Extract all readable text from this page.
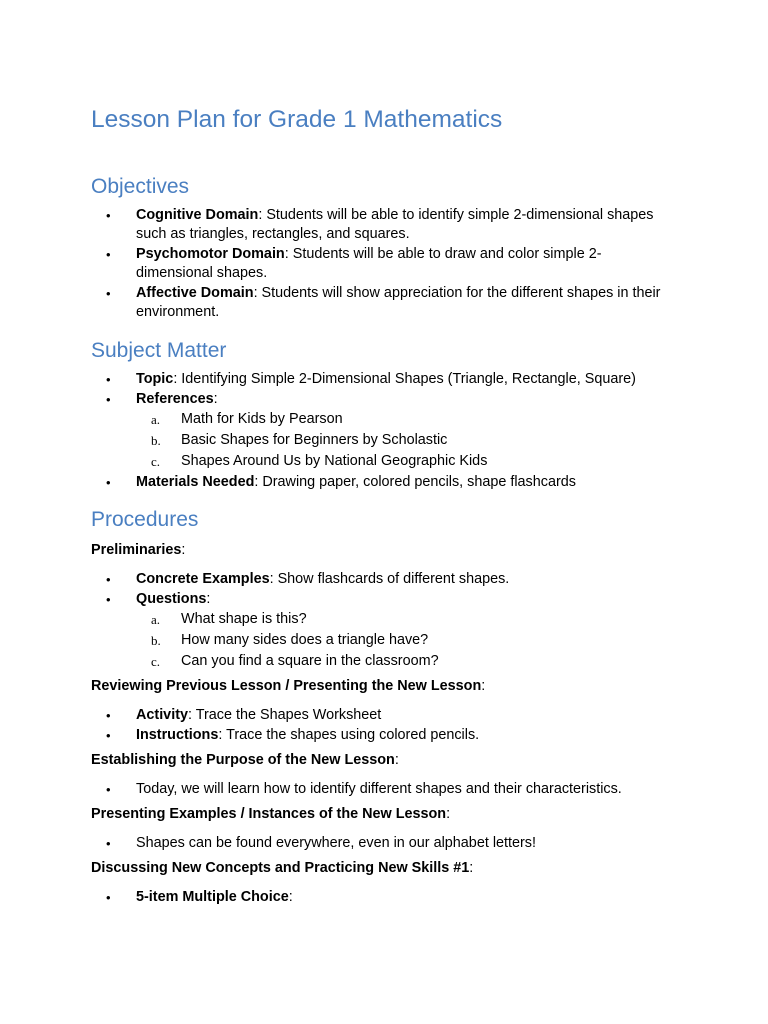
Lesson Plan for Grade 1 Mathematics
Objectives
• Cognitive Domain: Students will be able to identify simple 2-dimensional shapes such as triangles, rectangles, and squares.
• Psychomotor Domain: Students will be able to draw and color simple 2-dimensional shapes.
• Affective Domain: Students will show appreciation for the different shapes in their environment.
Subject Matter
• Topic: Identifying Simple 2-Dimensional Shapes (Triangle, Rectangle, Square)
• References:
a. Math for Kids by Pearson
b. Basic Shapes for Beginners by Scholastic
c. Shapes Around Us by National Geographic Kids
• Materials Needed: Drawing paper, colored pencils, shape flashcards
Procedures

Preliminaries:

• Concrete Examples: Show flashcards of different shapes.
• Questions:
a. What shape is this?
b. How many sides does a triangle have?
c. Can you find a square in the classroom?

Reviewing Previous Lesson / Presenting the New Lesson:

• Activity: Trace the Shapes Worksheet
• Instructions: Trace the shapes using colored pencils.

Establishing the Purpose of the New Lesson:

• Today, we will learn how to identify different shapes and their characteristics.

Presenting Examples / Instances of the New Lesson:

• Shapes can be found everywhere, even in our alphabet letters!

Discussing New Concepts and Practicing New Skills #1:

• 5-item Multiple Choice:
